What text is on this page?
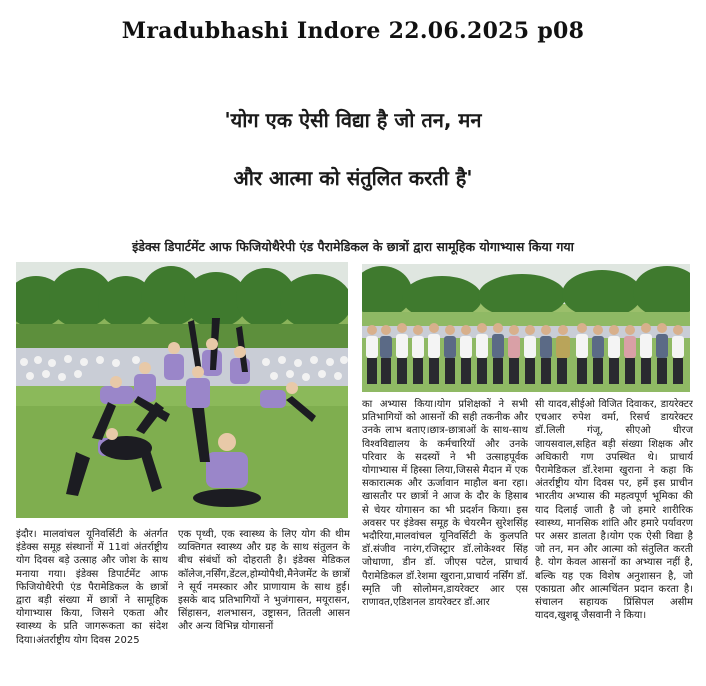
Mradubhashi Indore 22.06.2025 p08
'योग एक ऐसी विद्या है जो तन, मन
और आत्मा को संतुलित करती है'
इंडेक्स डिपार्टमेंट आफ फिजियोथैरेपी एंड पैरामेडिकल के छात्रों द्वारा सामूहिक योगाभ्यास किया गया
इंदौर। मालवांचल यूनिवर्सिटी के अंतर्गत इंडेक्स समूह संस्थानों में 11वां अंतर्राष्ट्रीय योग दिवस बड़े उत्साह और जोश के साथ मनाया गया। इंडेक्स डिपार्टमेंट आफ फिजियोथैरेपी एंड पैरामेडिकल के छात्रों द्वारा बड़ी संख्या में छात्रों ने सामूहिक योगाभ्यास किया, जिसने एकता और स्वास्थ्य के प्रति जागरूकता का संदेश दिया।अंतर्राष्ट्रीय योग दिवस 2025
एक पृथ्वी, एक स्वास्थ्य के लिए योग की थीम व्यक्तिगत स्वास्थ्य और ग्रह के साथ संतुलन के बीच संबंधों को दोहराती है। इंडेक्स मेडिकल कॉलेज,नर्सिंग,डेंटल,होम्योपैथी,मैनेजमेंट के छात्रों ने सूर्य नमस्कार और प्राणायाम के साथ हुई।इसके बाद प्रतिभागियों ने भुजंगासन, मयूरासन, सिंहासन, शलभासन, उष्ट्रासन, तितली आसन और अन्य विभिन्न योगासनों
का अभ्यास किया।योग प्रशिक्षकों ने सभी प्रतिभागियों को आसनों की सही तकनीक और उनके लाभ बताए।छात्र-छात्राओं के साथ-साथ विश्वविद्यालय के कर्मचारियों और उनके परिवार के सदस्यों ने भी उत्साहपूर्वक योगाभ्यास में हिस्सा लिया,जिससे मैदान में एक सकारात्मक और ऊर्जावान माहौल बना रहा। खासतौर पर छात्रों ने आज के दौर के हिसाब से चेयर योगासन का भी प्रदर्शन किया। इस अवसर पर इंडेक्स समूह के चेयरमैन सुरेशसिंह भदौरिया,मालवांचल यूनिवर्सिटी के कुलपति डॉ.संजीव नारंग,रजिस्ट्रार डॉ.लोकेश्वर सिंह जोधाणा, डीन डॉ. जीएस पटेल, प्राचार्य पैरामेडिकल डॉ.रेशमा खुराना,प्राचार्य नर्सिंग डॉ. स्मृति जी सोलोमन,डायरेक्टर आर एस राणावत,एडिशनल डायरेक्टर डॉ.आर
सी यादव,सीईओ विजित दिवाकर, डायरेक्टर एचआर रुपेश वर्मा, रिसर्च डायरेक्टर डॉ.लिली गंजू, सीएओ धीरज जायसवाल,सहित बड़ी संख्या शिक्षक और अधिकारी गण उपस्थित थे। प्राचार्य पैरामेडिकल डॉ.रेशमा खुराना ने कहा कि अंतर्राष्ट्रीय योग दिवस पर, हमें इस प्राचीन भारतीय अभ्यास की महत्वपूर्ण भूमिका की याद दिलाई जाती है जो हमारे शारीरिक स्वास्थ्य, मानसिक शांति और हमारे पर्यावरण पर असर डालता है।योग एक ऐसी विद्या है जो तन, मन और आत्मा को संतुलित करती है. योग केवल आसनों का अभ्यास नहीं है, बल्कि यह एक विशेष अनुशासन है, जो एकाग्रता और आत्मचिंतन प्रदान करता है। संचालन सहायक प्रिंसिपल असीम यादव,खुशबू जैसवानी ने किया।
